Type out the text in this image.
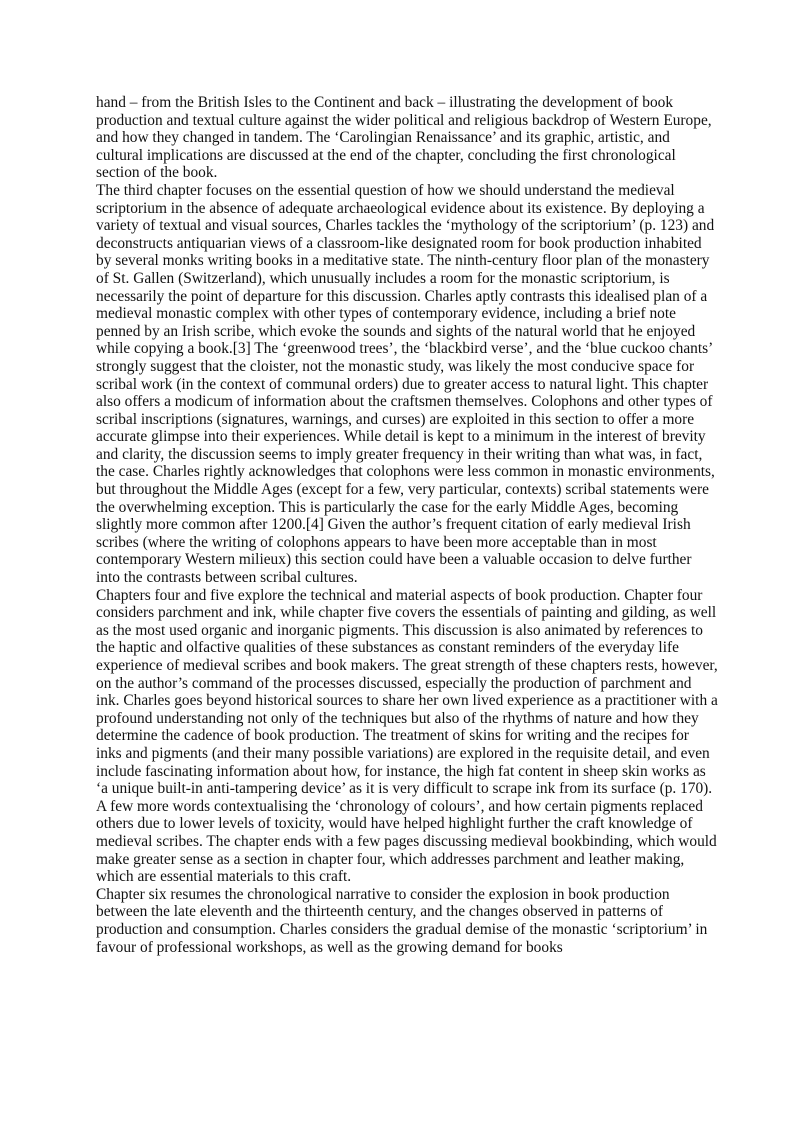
hand – from the British Isles to the Continent and back – illustrating the development of book production and textual culture against the wider political and religious backdrop of Western Europe, and how they changed in tandem. The ‘Carolingian Renaissance’ and its graphic, artistic, and cultural implications are discussed at the end of the chapter, concluding the first chronological section of the book.

The third chapter focuses on the essential question of how we should understand the medieval scriptorium in the absence of adequate archaeological evidence about its existence. By deploying a variety of textual and visual sources, Charles tackles the ‘mythology of the scriptorium’ (p. 123) and deconstructs antiquarian views of a classroom-like designated room for book production inhabited by several monks writing books in a meditative state. The ninth-century floor plan of the monastery of St. Gallen (Switzerland), which unusually includes a room for the monastic scriptorium, is necessarily the point of departure for this discussion. Charles aptly contrasts this idealised plan of a medieval monastic complex with other types of contemporary evidence, including a brief note penned by an Irish scribe, which evoke the sounds and sights of the natural world that he enjoyed while copying a book.[3] The ‘greenwood trees’, the ‘blackbird verse’, and the ‘blue cuckoo chants’ strongly suggest that the cloister, not the monastic study, was likely the most conducive space for scribal work (in the context of communal orders) due to greater access to natural light. This chapter also offers a modicum of information about the craftsmen themselves. Colophons and other types of scribal inscriptions (signatures, warnings, and curses) are exploited in this section to offer a more accurate glimpse into their experiences. While detail is kept to a minimum in the interest of brevity and clarity, the discussion seems to imply greater frequency in their writing than what was, in fact, the case. Charles rightly acknowledges that colophons were less common in monastic environments, but throughout the Middle Ages (except for a few, very particular, contexts) scribal statements were the overwhelming exception. This is particularly the case for the early Middle Ages, becoming slightly more common after 1200.[4] Given the author’s frequent citation of early medieval Irish scribes (where the writing of colophons appears to have been more acceptable than in most contemporary Western milieux) this section could have been a valuable occasion to delve further into the contrasts between scribal cultures.

Chapters four and five explore the technical and material aspects of book production. Chapter four considers parchment and ink, while chapter five covers the essentials of painting and gilding, as well as the most used organic and inorganic pigments. This discussion is also animated by references to the haptic and olfactive qualities of these substances as constant reminders of the everyday life experience of medieval scribes and book makers. The great strength of these chapters rests, however, on the author’s command of the processes discussed, especially the production of parchment and ink. Charles goes beyond historical sources to share her own lived experience as a practitioner with a profound understanding not only of the techniques but also of the rhythms of nature and how they determine the cadence of book production. The treatment of skins for writing and the recipes for inks and pigments (and their many possible variations) are explored in the requisite detail, and even include fascinating information about how, for instance, the high fat content in sheep skin works as ‘a unique built-in anti-tampering device’ as it is very difficult to scrape ink from its surface (p. 170). A few more words contextualising the ‘chronology of colours’, and how certain pigments replaced others due to lower levels of toxicity, would have helped highlight further the craft knowledge of medieval scribes. The chapter ends with a few pages discussing medieval bookbinding, which would make greater sense as a section in chapter four, which addresses parchment and leather making, which are essential materials to this craft.

Chapter six resumes the chronological narrative to consider the explosion in book production between the late eleventh and the thirteenth century, and the changes observed in patterns of production and consumption. Charles considers the gradual demise of the monastic ‘scriptorium’ in favour of professional workshops, as well as the growing demand for books
